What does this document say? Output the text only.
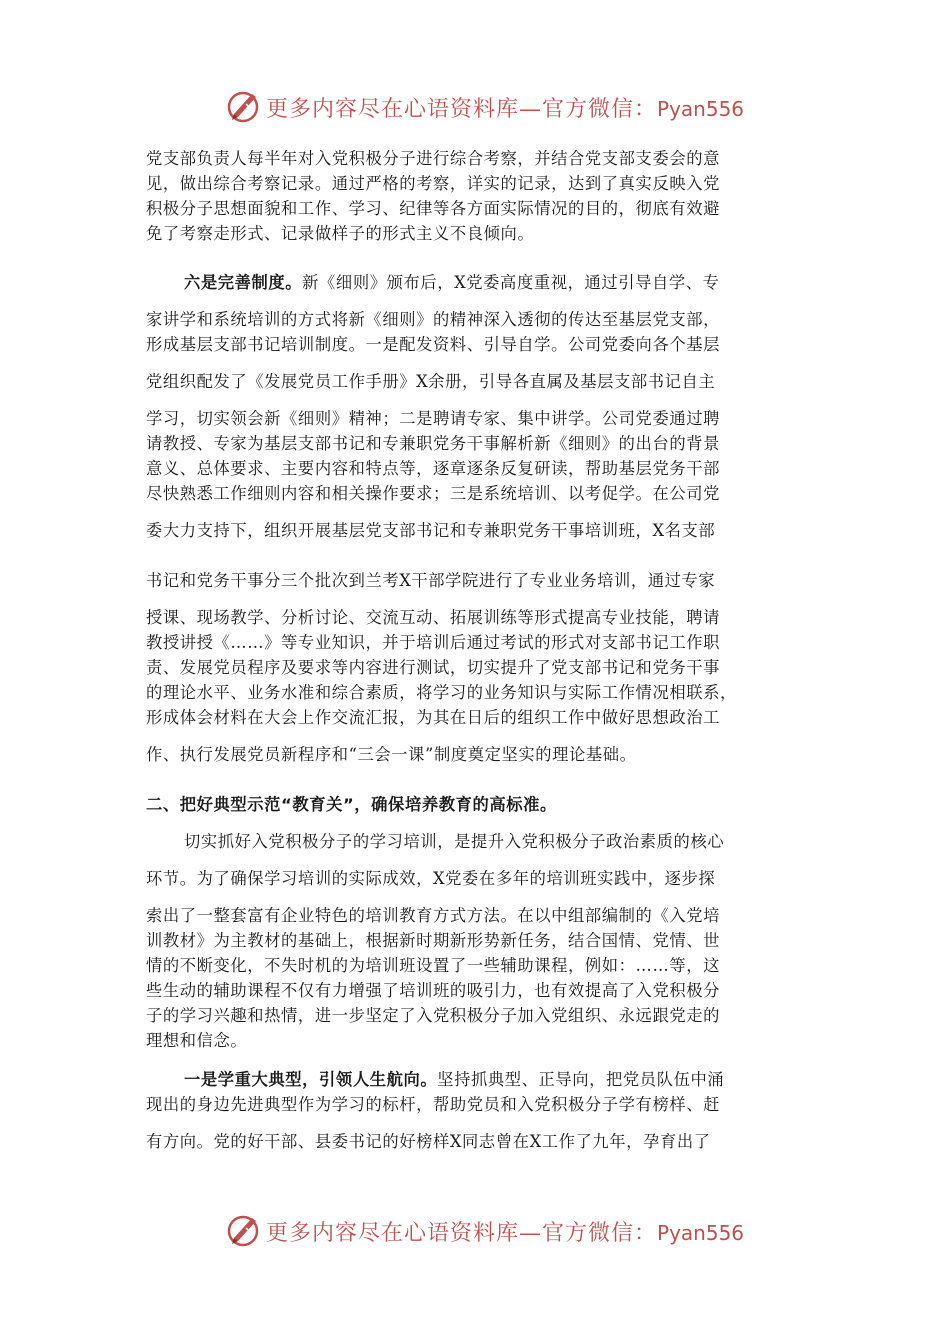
更多内容尽在心语资料库—官方微信：Pyan556
党支部负责人每半年对入党积极分子进行综合考察，并结合党支部支委会的意
见，做出综合考察记录。通过严格的考察，详实的记录，达到了真实反映入党
积极分子思想面貌和工作、学习、纪律等各方面实际情况的目的，彻底有效避
免了考察走形式、记录做样子的形式主义不良倾向。
六是完善制度。新《细则》颁布后，X党委高度重视，通过引导自学、专
家讲学和系统培训的方式将新《细则》的精神深入透彻的传达至基层党支部，
形成基层支部书记培训制度。一是配发资料、引导自学。公司党委向各个基层
党组织配发了《发展党员工作手册》X余册，引导各直属及基层支部书记自主
学习，切实领会新《细则》精神；二是聘请专家、集中讲学。公司党委通过聘
请教授、专家为基层支部书记和专兼职党务干事解析新《细则》的出台的背景
意义、总体要求、主要内容和特点等，逐章逐条反复研读，帮助基层党务干部
尽快熟悉工作细则内容和相关操作要求；三是系统培训、以考促学。在公司党
委大力支持下，组织开展基层党支部书记和专兼职党务干事培训班，X名支部
书记和党务干事分三个批次到兰考X干部学院进行了专业业务培训，通过专家
授课、现场教学、分析讨论、交流互动、拓展训练等形式提高专业技能，聘请
教授讲授《……》等专业知识，并于培训后通过考试的形式对支部书记工作职
责、发展党员程序及要求等内容进行测试，切实提升了党支部书记和党务干事
的理论水平、业务水准和综合素质，将学习的业务知识与实际工作情况相联系，
形成体会材料在大会上作交流汇报，为其在日后的组织工作中做好思想政治工
作、执行发展党员新程序和“三会一课”制度奠定坚实的理论基础。
二、把好典型示范“教育关”，确保培养教育的高标准。
切实抓好入党积极分子的学习培训，是提升入党积极分子政治素质的核心
环节。为了确保学习培训的实际成效，X党委在多年的培训班实践中，逐步探
索出了一整套富有企业特色的培训教育方式方法。在以中组部编制的《入党培
训教材》为主教材的基础上，根据新时期新形势新任务，结合国情、党情、世
情的不断变化，不失时机的为培训班设置了一些辅助课程，例如：……等，这
些生动的辅助课程不仅有力增强了培训班的吸引力，也有效提高了入党积极分
子的学习兴趣和热情，进一步坚定了入党积极分子加入党组织、永远跟党走的
理想和信念。
一是学重大典型，引领人生航向。坚持抓典型、正导向，把党员队伍中涌
现出的身边先进典型作为学习的标杆，帮助党员和入党积极分子学有榜样、赶
有方向。党的好干部、县委书记的好榜样X同志曾在X工作了九年，孕育出了
更多内容尽在心语资料库—官方微信：Pyan556
